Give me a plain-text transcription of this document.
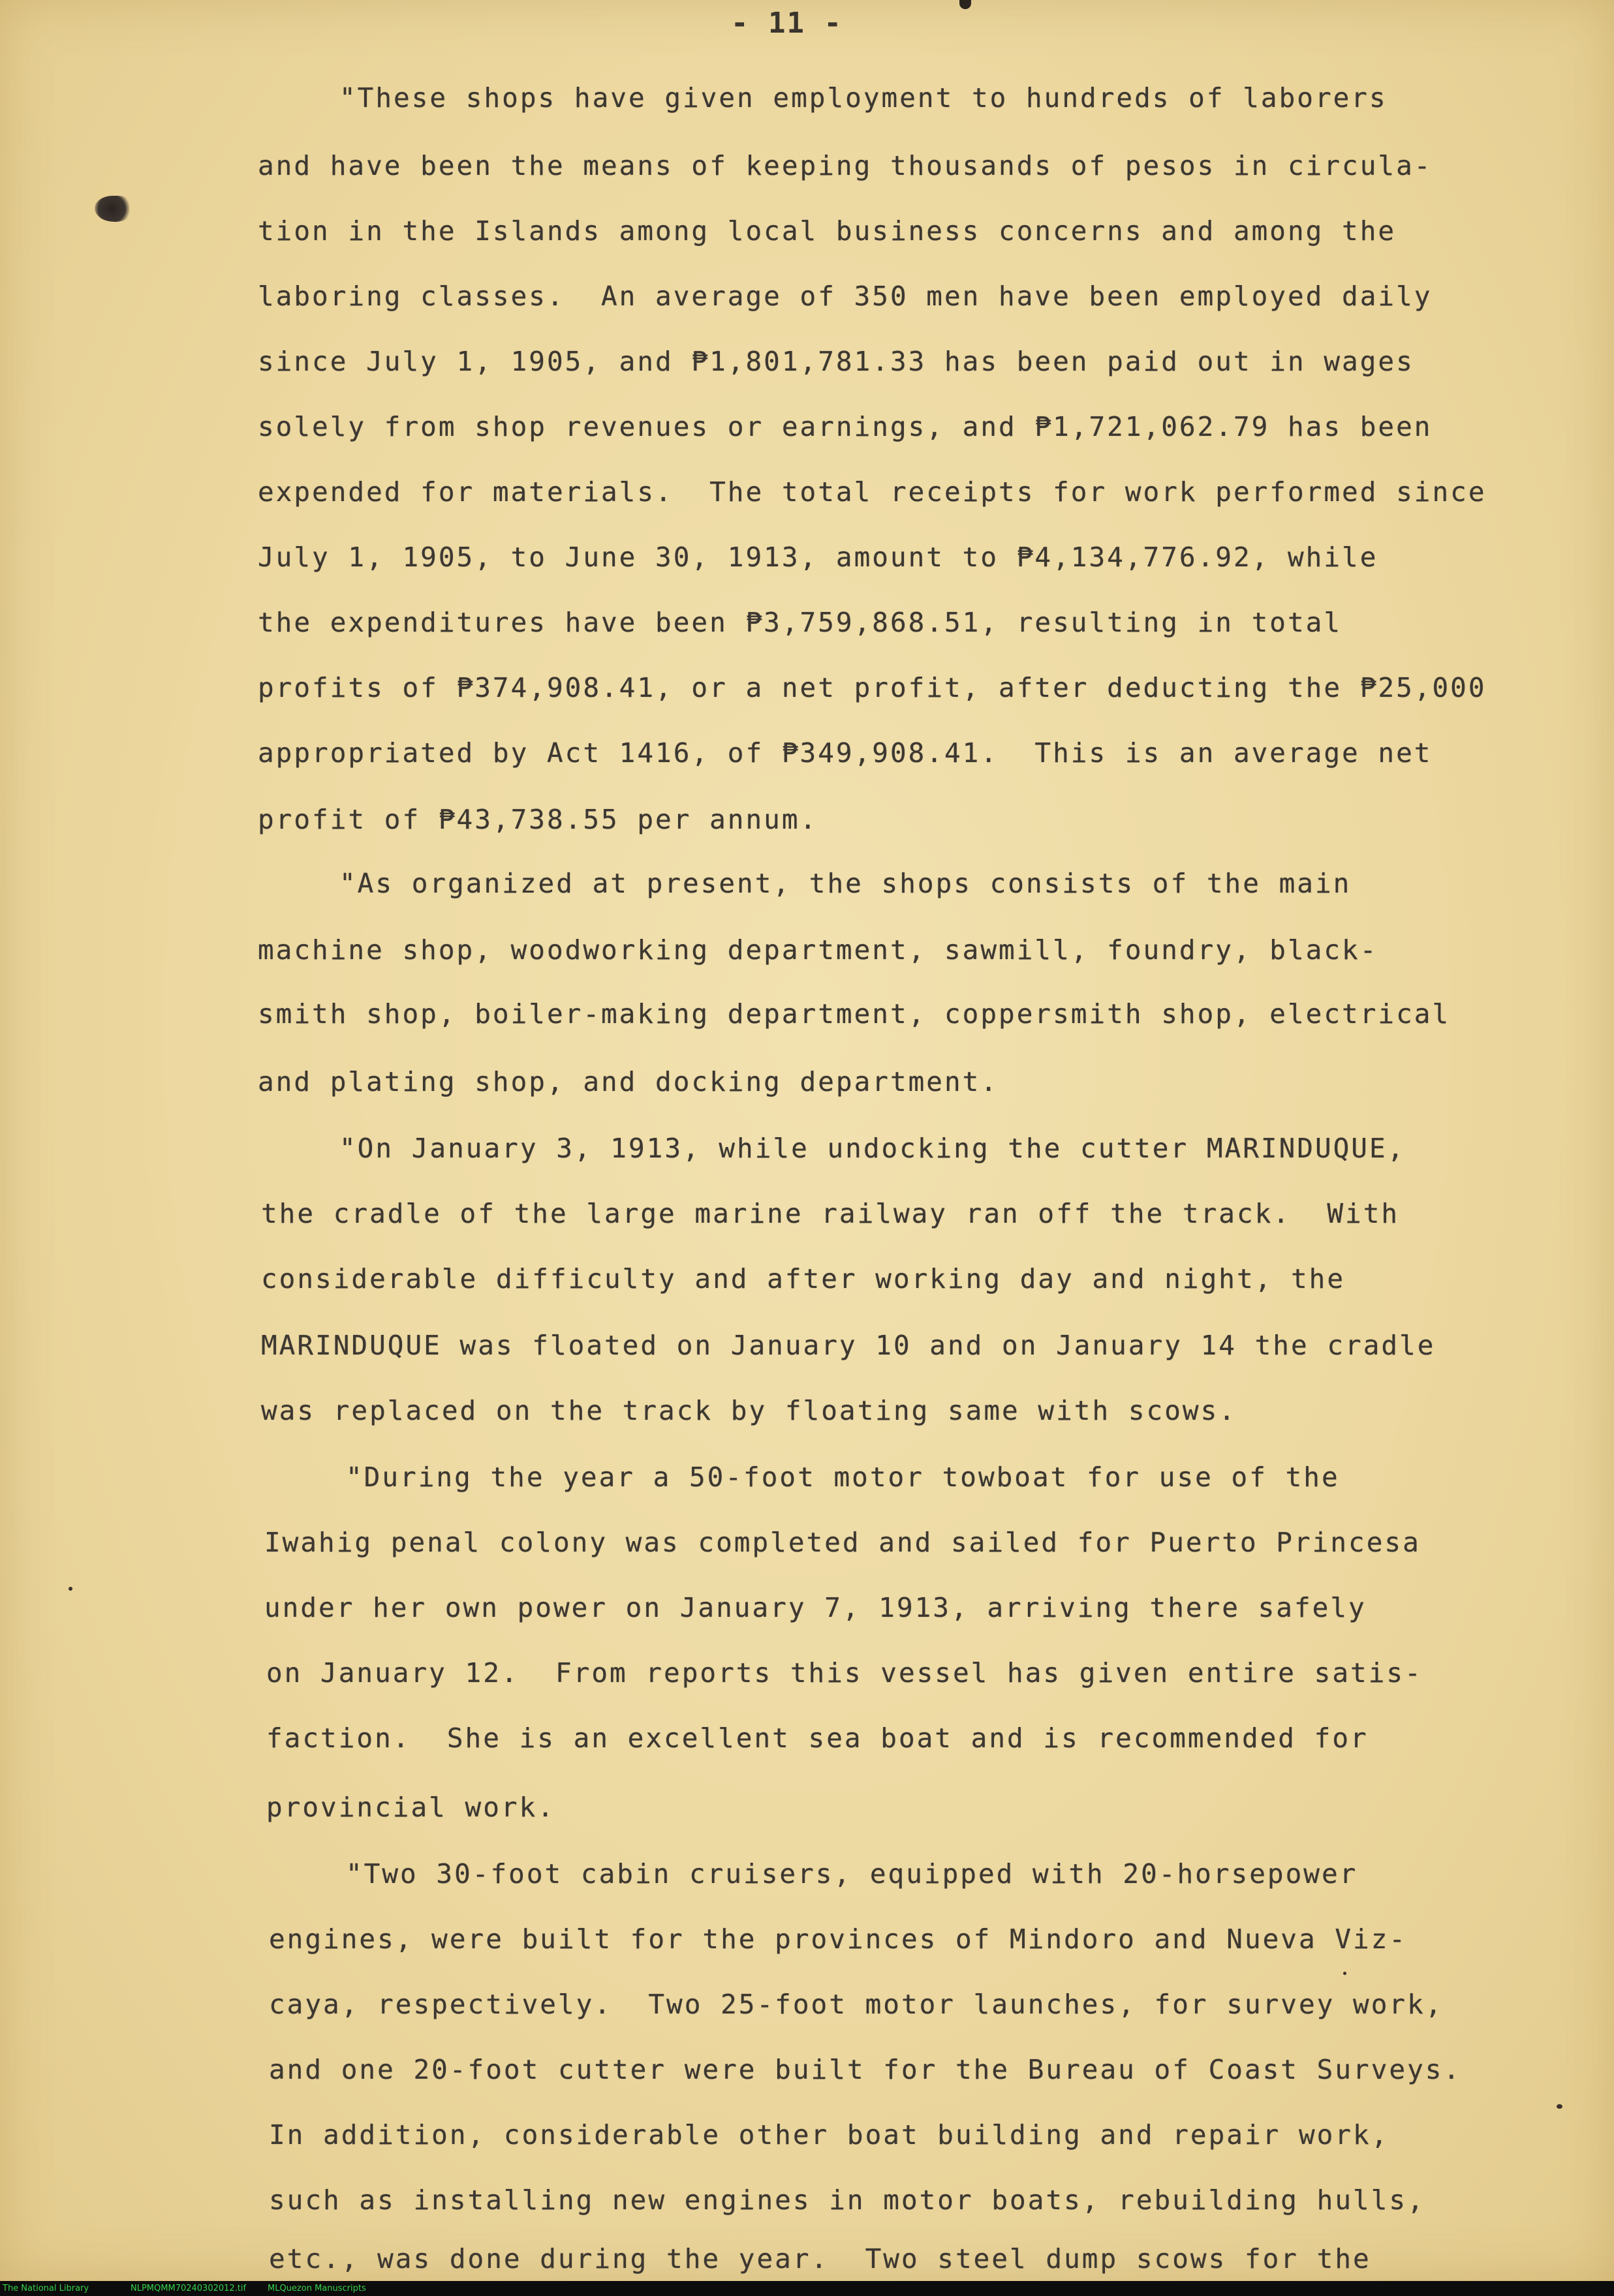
- 11 -
"These shops have given employment to hundreds of laborers
and have been the means of keeping thousands of pesos in circula-
tion in the Islands among local business concerns and among the
laboring classes.  An average of 350 men have been employed daily
since July 1, 1905, and ₱1,801,781.33 has been paid out in wages
solely from shop revenues or earnings, and ₱1,721,062.79 has been
expended for materials.  The total receipts for work performed since
July 1, 1905, to June 30, 1913, amount to ₱4,134,776.92, while
the expenditures have been ₱3,759,868.51, resulting in total
profits of ₱374,908.41, or a net profit, after deducting the ₱25,000
appropriated by Act 1416, of ₱349,908.41.  This is an average net
profit of ₱43,738.55 per annum.
"As organized at present, the shops consists of the main
machine shop, woodworking department, sawmill, foundry, black-
smith shop, boiler-making department, coppersmith shop, electrical
and plating shop, and docking department.
"On January 3, 1913, while undocking the cutter MARINDUQUE,
the cradle of the large marine railway ran off the track.  With
considerable difficulty and after working day and night, the
MARINDUQUE was floated on January 10 and on January 14 the cradle
was replaced on the track by floating same with scows.
"During the year a 50-foot motor towboat for use of the
Iwahig penal colony was completed and sailed for Puerto Princesa
under her own power on January 7, 1913, arriving there safely
on January 12.  From reports this vessel has given entire satis-
faction.  She is an excellent sea boat and is recommended for
provincial work.
"Two 30-foot cabin cruisers, equipped with 20-horsepower
engines, were built for the provinces of Mindoro and Nueva Viz-
caya, respectively.  Two 25-foot motor launches, for survey work,
and one 20-foot cutter were built for the Bureau of Coast Surveys.
In addition, considerable other boat building and repair work,
such as installing new engines in motor boats, rebuilding hulls,
etc., was done during the year.  Two steel dump scows for the
The National Library	NLPMQMM70240302012.tif	MLQuezon Manuscripts
